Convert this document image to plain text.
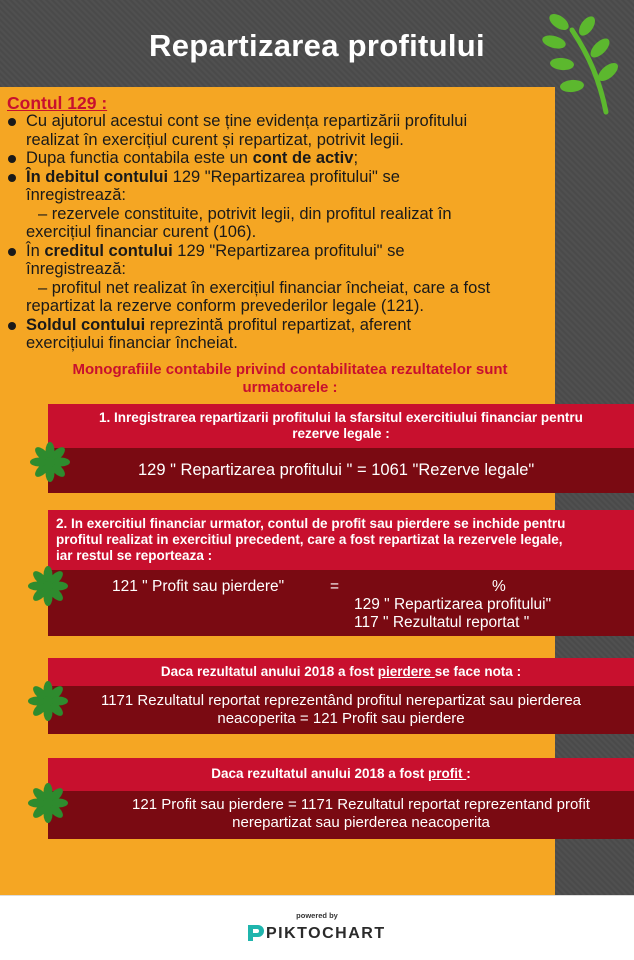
Repartizarea profitului
Contul 129 :
Cu ajutorul acestui cont se ține evidența repartizării profitului
realizat în exercițiul curent și repartizat, potrivit legii.
Dupa functia contabila este un cont de activ;
În debitul contului 129 "Repartizarea profitului" se
înregistrează:
– rezervele constituite, potrivit legii, din profitul realizat în
exercițiul financiar curent (106).
În creditul contului 129 "Repartizarea profitului" se
înregistrează:
– profitul net realizat în exercițiul financiar încheiat, care a fost
repartizat la rezerve conform prevederilor legale (121).
Soldul contului reprezintă profitul repartizat, aferent
exercițiului financiar încheiat.
Monografiile contabile privind contabilitatea rezultatelor sunt
urmatoarele :
1. Inregistrarea repartizarii profitului la sfarsitul exercitiului financiar pentru
rezerve legale :
129 " Repartizarea profitului " = 1061 "Rezerve legale"
2. In exercitiul financiar urmator, contul de profit sau pierdere se inchide pentru
profitul realizat in exercitiul precedent, care a fost repartizat la rezervele legale,
iar restul se reporteaza :
121 " Profit sau pierdere"	=	%
129 " Repartizarea profitului"
117 " Rezultatul reportat "
Daca rezultatul anului 2018 a fost pierdere se face nota :
1171 Rezultatul reportat reprezentând profitul nerepartizat sau pierderea
neacoperita = 121 Profit sau pierdere
Daca rezultatul anului 2018 a fost profit :
121 Profit sau pierdere = 1171 Rezultatul reportat reprezentand profit
nerepartizat sau pierderea neacoperita
powered by
PIKTOCHART
